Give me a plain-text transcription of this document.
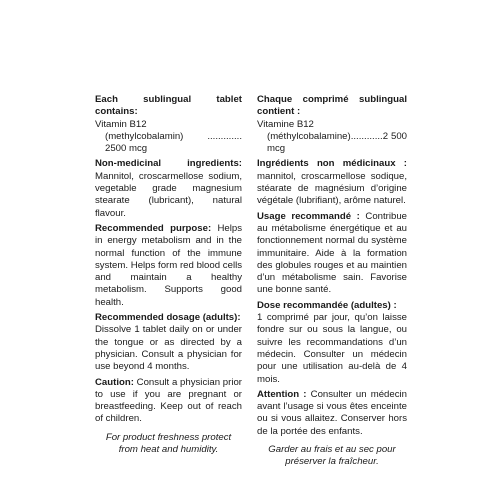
Each sublingual tablet contains:
Vitamin B12
(methylcobalamin) ............. 2500 mcg
Non-medicinal ingredients: Mannitol, croscarmellose sodium, vegetable grade magnesium stearate (lubricant), natural flavour.
Recommended purpose: Helps in energy metabolism and in the normal function of the immune system. Helps form red blood cells and maintain a healthy metabolism. Supports good health.
Recommended dosage (adults):
Dissolve 1 tablet daily on or under the tongue or as directed by a physician. Consult a physician for use beyond 4 months.
Caution: Consult a physician prior to use if you are pregnant or breastfeeding. Keep out of reach of children.
For product freshness protect from heat and humidity.
Chaque comprimé sublingual contient :
Vitamine B12
(méthylcobalamine)............2 500 mcg
Ingrédients non médicinaux : mannitol, croscarmellose sodique, stéarate de magnésium d’origine végétale (lubrifiant), arôme naturel.
Usage recommandé : Contribue au métabolisme énergétique et au fonctionnement normal du système immunitaire. Aide à la formation des globules rouges et au maintien d’un métabolisme sain. Favorise une bonne santé.
Dose recommandée (adultes) :
1 comprimé par jour, qu’on laisse fondre sur ou sous la langue, ou suivre les recommandations d’un médecin. Consulter un médecin pour une utilisation au-delà de 4 mois.
Attention : Consulter un médecin avant l’usage si vous êtes enceinte ou si vous allaitez. Conserver hors de la portée des enfants.
Garder au frais et au sec pour préserver la fraîcheur.
